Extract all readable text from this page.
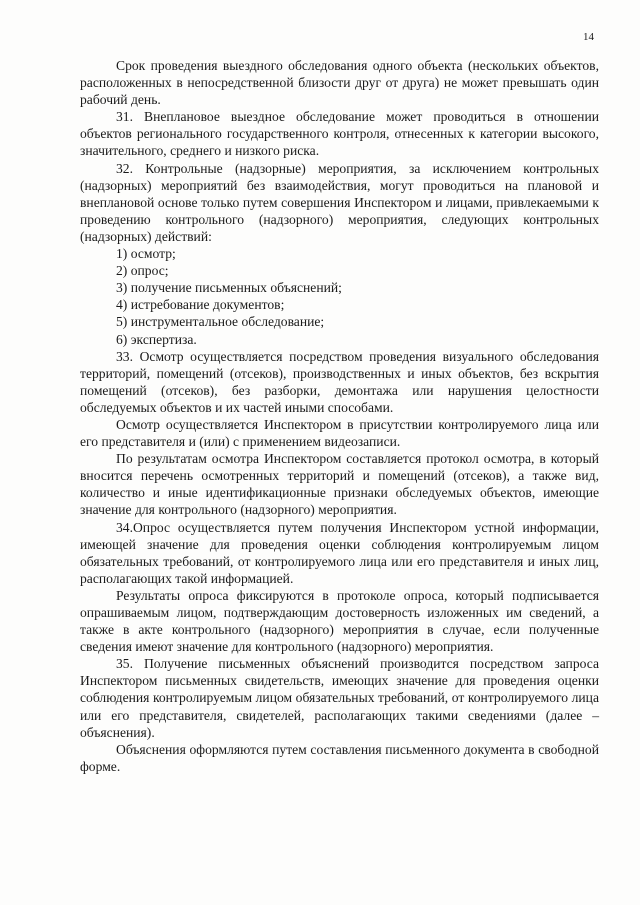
14

Срок проведения выездного обследования одного объекта (нескольких объектов, расположенных в непосредственной близости друг от друга) не может превышать один рабочий день.

31. Внеплановое выездное обследование может проводиться в отношении объектов регионального государственного контроля, отнесенных к категории высокого, значительного, среднего и низкого риска.

32. Контрольные (надзорные) мероприятия, за исключением контрольных (надзорных) мероприятий без взаимодействия, могут проводиться на плановой и внеплановой основе только путем совершения Инспектором и лицами, привлекаемыми к проведению контрольного (надзорного) мероприятия, следующих контрольных (надзорных) действий:

1) осмотр;

2) опрос;

3) получение письменных объяснений;

4) истребование документов;

5) инструментальное обследование;

6) экспертиза.

33. Осмотр осуществляется посредством проведения визуального обследования территорий, помещений (отсеков), производственных и иных объектов, без вскрытия помещений (отсеков), без разборки, демонтажа или нарушения целостности обследуемых объектов и их частей иными способами.

Осмотр осуществляется Инспектором в присутствии контролируемого лица или его представителя и (или) с применением видеозаписи.

По результатам осмотра Инспектором составляется протокол осмотра, в который вносится перечень осмотренных территорий и помещений (отсеков), а также вид, количество и иные идентификационные признаки обследуемых объектов, имеющие значение для контрольного (надзорного) мероприятия.

34.Опрос осуществляется путем получения Инспектором устной информации, имеющей значение для проведения оценки соблюдения контролируемым лицом обязательных требований, от контролируемого лица или его представителя и иных лиц, располагающих такой информацией.

Результаты опроса фиксируются в протоколе опроса, который подписывается опрашиваемым лицом, подтверждающим достоверность изложенных им сведений, а также в акте контрольного (надзорного) мероприятия в случае, если полученные сведения имеют значение для контрольного (надзорного) мероприятия.

35. Получение письменных объяснений производится посредством запроса Инспектором письменных свидетельств, имеющих значение для проведения оценки соблюдения контролируемым лицом обязательных требований, от контролируемого лица или его представителя, свидетелей, располагающих такими сведениями (далее – объяснения).

Объяснения оформляются путем составления письменного документа в свободной форме.
